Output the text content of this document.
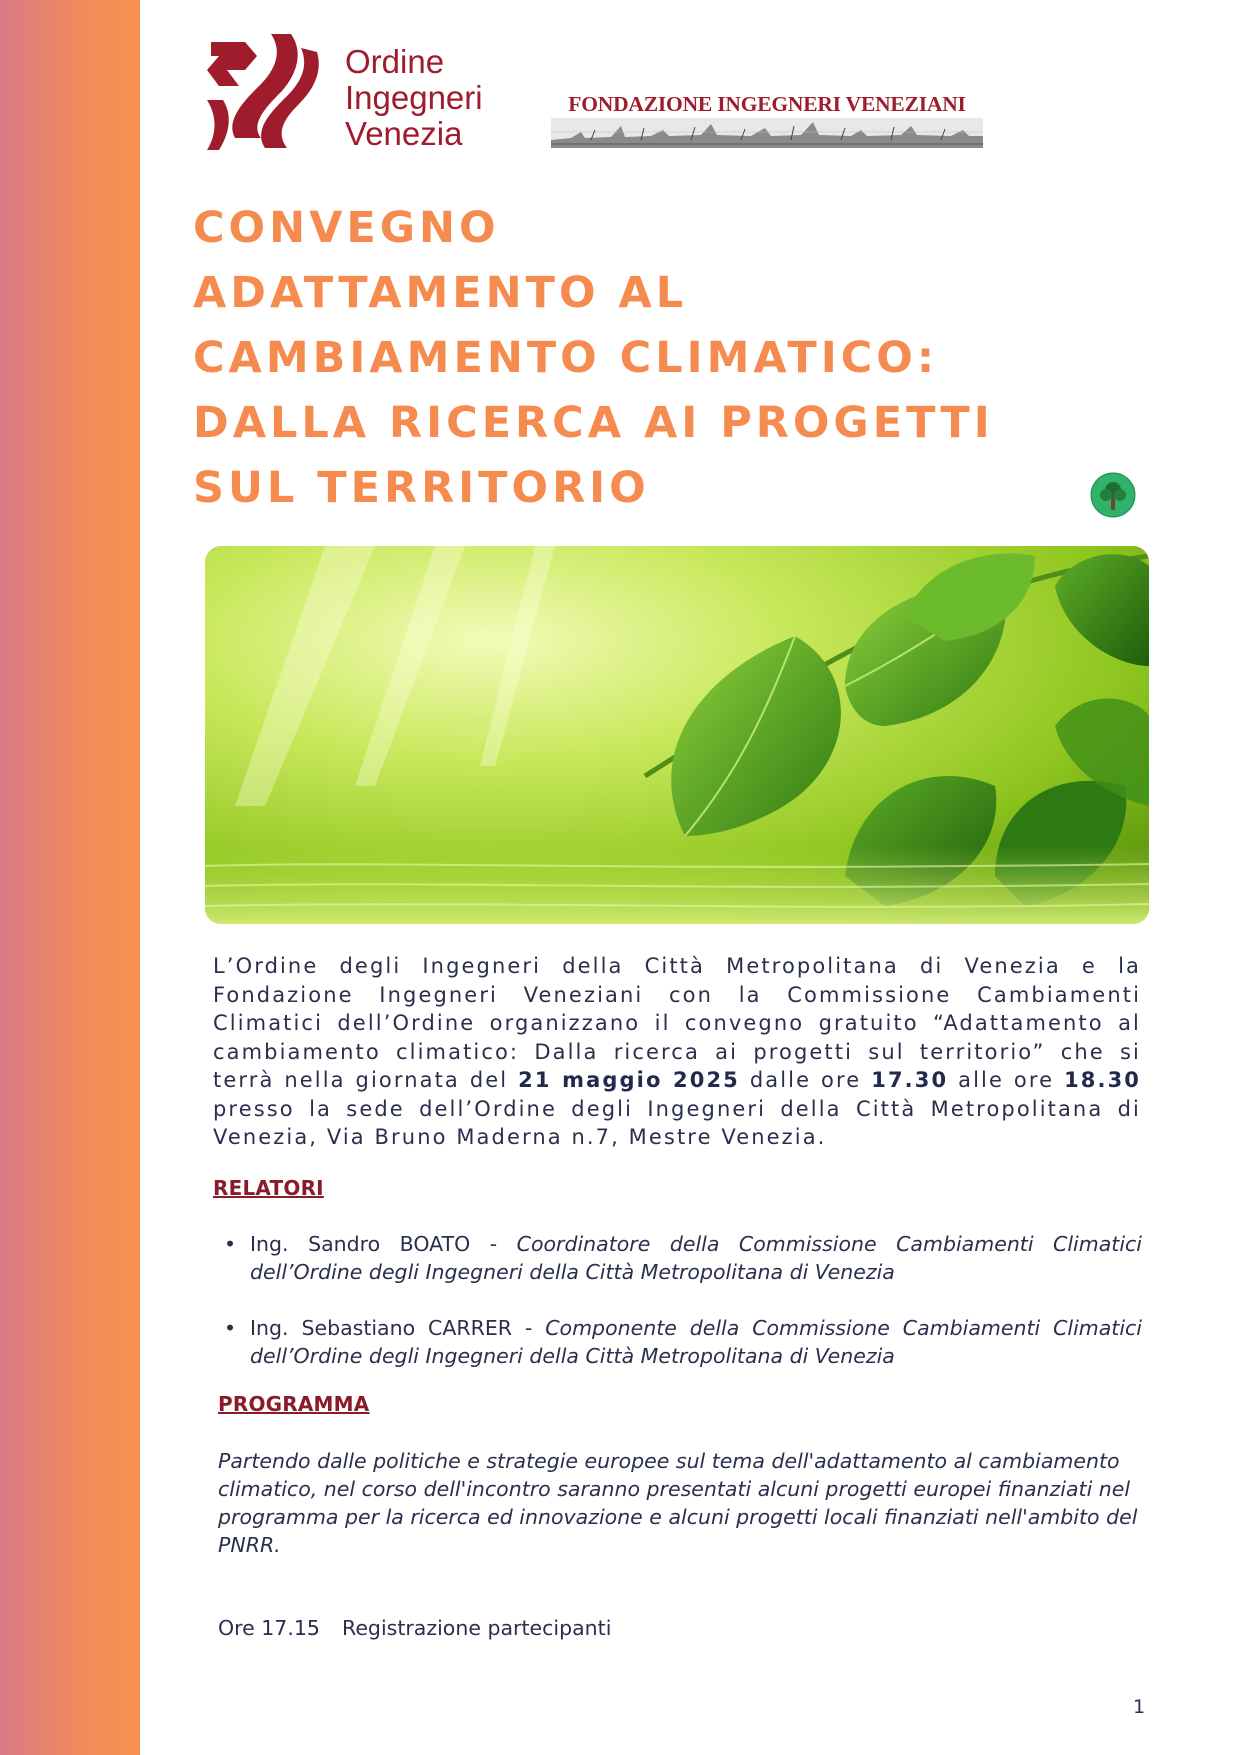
Ordine
Ingegneri
Venezia
FONDAZIONE INGEGNERI VENEZIANI
CONVEGNO
ADATTAMENTO AL
CAMBIAMENTO CLIMATICO:
DALLA RICERCA AI PROGETTI
SUL TERRITORIO
L’Ordine degli Ingegneri della Città Metropolitana di Venezia e la Fondazione Ingegneri Veneziani con la Commissione Cambiamenti Climatici dell’Ordine organizzano il convegno gratuito “Adattamento al cambiamento climatico: Dalla ricerca ai progetti sul territorio” che si terrà nella giornata del 21 maggio 2025 dalle ore 17.30 alle ore 18.30 presso la sede dell’Ordine degli Ingegneri della Città Metropolitana di Venezia, Via Bruno Maderna n.7, Mestre Venezia.
RELATORI
• Ing. Sandro BOATO - Coordinatore della Commissione Cambiamenti Climatici dell’Ordine degli Ingegneri della Città Metropolitana di Venezia
• Ing. Sebastiano CARRER - Componente della Commissione Cambiamenti Climatici dell’Ordine degli Ingegneri della Città Metropolitana di Venezia
PROGRAMMA
Partendo dalle politiche e strategie europee sul tema dell'adattamento al cambiamento climatico, nel corso dell'incontro saranno presentati alcuni progetti europei finanziati nel programma per la ricerca ed innovazione e alcuni progetti locali finanziati nell'ambito del PNRR.
Ore 17.15 Registrazione partecipanti
1
